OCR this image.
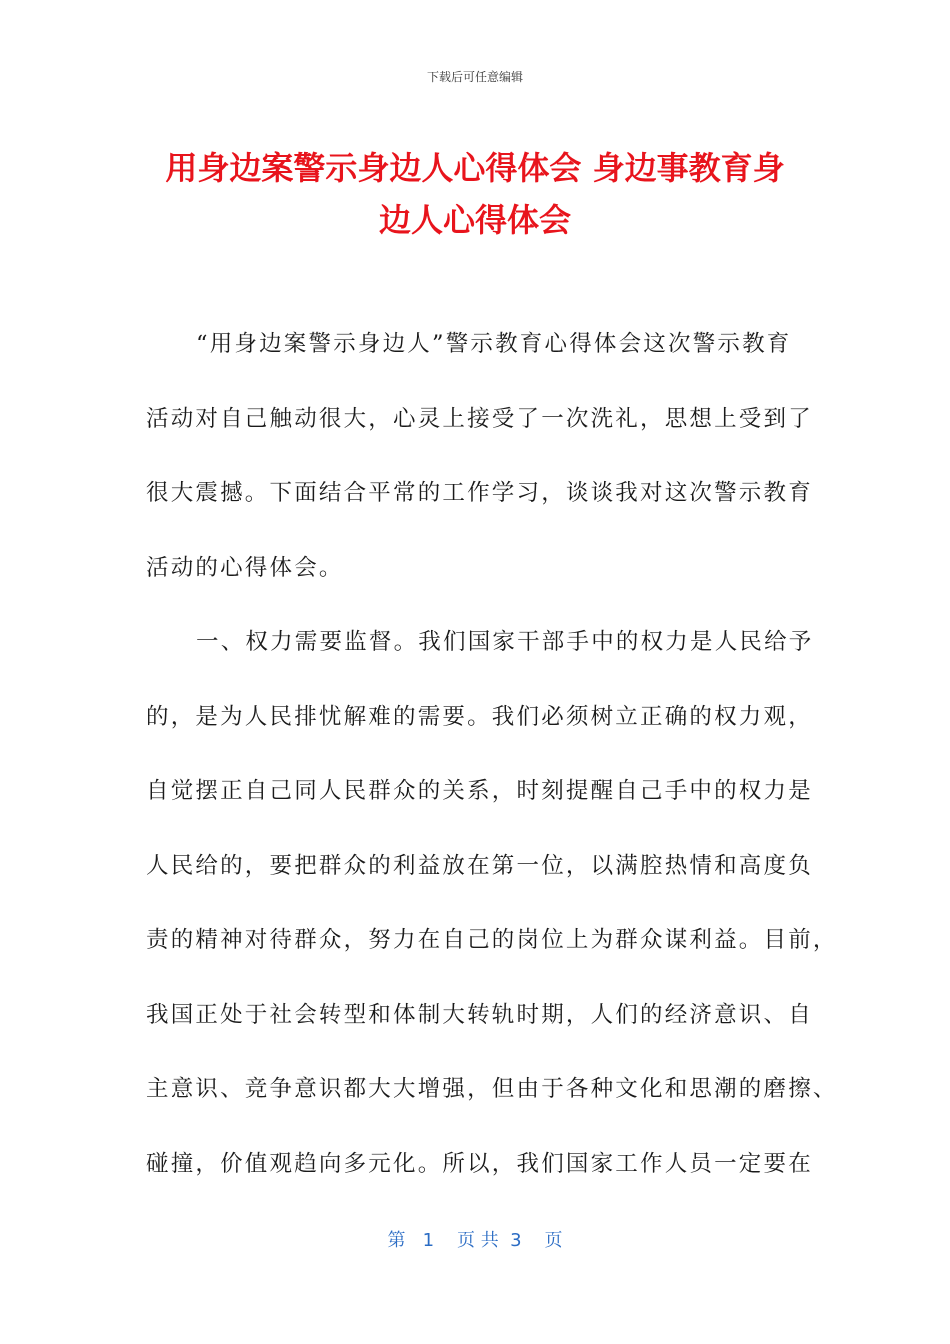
下载后可任意编辑
用身边案警示身边人心得体会 身边事教育身
边人心得体会
“用身边案警示身边人”警示教育心得体会这次警示教育
活动对自己触动很大，心灵上接受了一次洗礼，思想上受到了
很大震撼。下面结合平常的工作学习，谈谈我对这次警示教育
活动的心得体会。
一、权力需要监督。我们国家干部手中的权力是人民给予
的，是为人民排忧解难的需要。我们必须树立正确的权力观，
自觉摆正自己同人民群众的关系，时刻提醒自己手中的权力是
人民给的，要把群众的利益放在第一位，以满腔热情和高度负
责的精神对待群众，努力在自己的岗位上为群众谋利益。目前，
我国正处于社会转型和体制大转轨时期，人们的经济意识、自
主意识、竞争意识都大大增强，但由于各种文化和思潮的磨擦、
碰撞，价值观趋向多元化。所以，我们国家工作人员一定要在
第   1    页 共  3    页
